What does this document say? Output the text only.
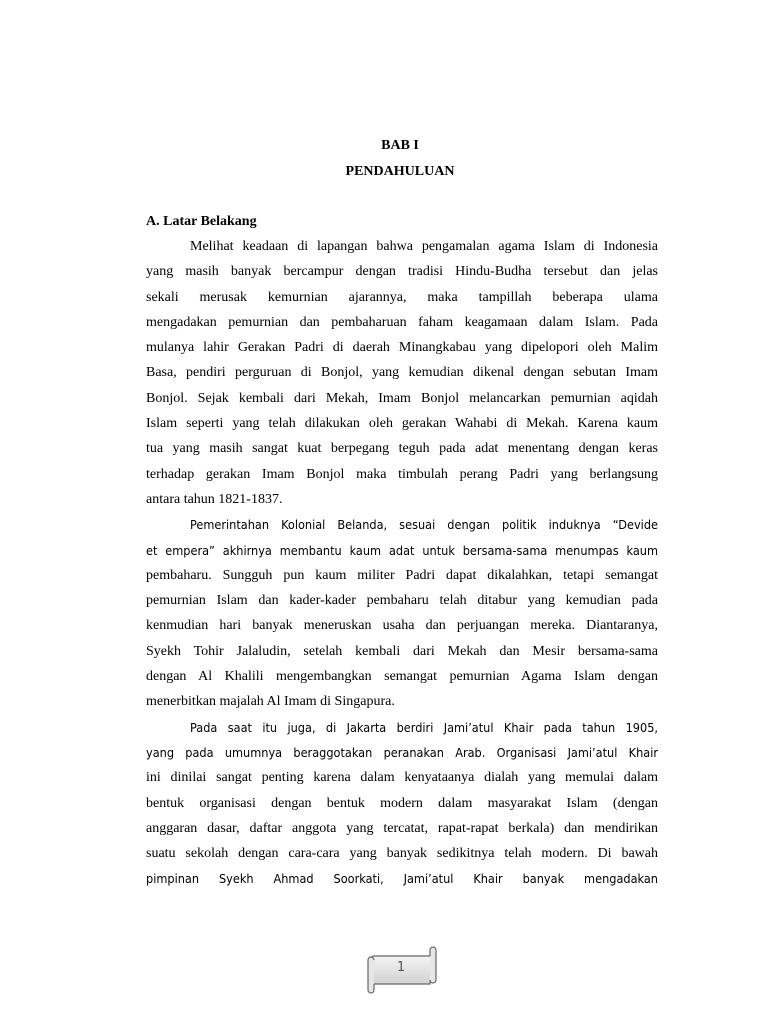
BAB I
PENDAHULUAN
A. Latar Belakang

Melihat keadaan di lapangan bahwa pengamalan agama Islam di Indonesia
yang masih banyak bercampur dengan tradisi Hindu-Budha tersebut dan jelas
sekali merusak kemurnian ajarannya, maka tampillah beberapa ulama
mengadakan pemurnian dan pembaharuan faham keagamaan dalam Islam. Pada
mulanya lahir Gerakan Padri di daerah Minangkabau yang dipelopori oleh Malim
Basa, pendiri perguruan di Bonjol, yang kemudian dikenal dengan sebutan Imam
Bonjol. Sejak kembali dari Mekah, Imam Bonjol melancarkan pemurnian aqidah
Islam seperti yang telah dilakukan oleh gerakan Wahabi di Mekah. Karena kaum
tua yang masih sangat kuat berpegang teguh pada adat menentang dengan keras
terhadap gerakan Imam Bonjol maka timbulah perang Padri yang berlangsung
antara tahun 1821-1837.

Pemerintahan Kolonial Belanda, sesuai dengan politik induknya “Devide
et empera” akhirnya membantu kaum adat untuk bersama-sama menumpas kaum
pembaharu. Sungguh pun kaum militer Padri dapat dikalahkan, tetapi semangat
pemurnian Islam dan kader-kader pembaharu telah ditabur yang kemudian pada
kenmudian hari banyak meneruskan usaha dan perjuangan mereka. Diantaranya,
Syekh Tohir Jalaludin, setelah kembali dari Mekah dan Mesir bersama-sama
dengan Al Khalili mengembangkan semangat pemurnian Agama Islam dengan
menerbitkan majalah Al Imam di Singapura.

Pada saat itu juga, di Jakarta berdiri Jami’atul Khair pada tahun 1905,
yang pada umumnya beraggotakan peranakan Arab. Organisasi Jami’atul Khair
ini dinilai sangat penting karena dalam kenyataanya dialah yang memulai dalam
bentuk organisasi dengan bentuk modern dalam masyarakat Islam (dengan
anggaran dasar, daftar anggota yang tercatat, rapat-rapat berkala) dan mendirikan
suatu sekolah dengan cara-cara yang banyak sedikitnya telah modern. Di bawah
pimpinan Syekh Ahmad Soorkati, Jami’atul Khair banyak mengadakan

1
